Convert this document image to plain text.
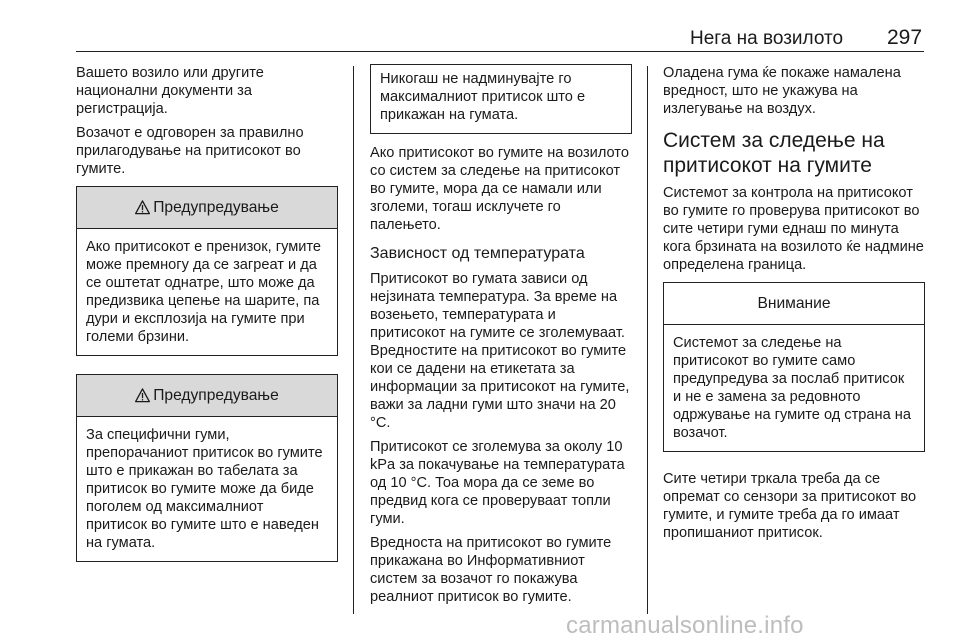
Нега на возилото 297

Вашето возило или другите национални документи за регистрација.

Возачот е одговорен за правилно прилагодување на притисокот во гумите.

Предупредување

Ако притисокот е пренизок, гумите може премногу да се загреат и да се оштетат однатре, што може да предизвика цепење на шарите, па дури и експлозија на гумите при големи брзини.

Предупредување

За специфични гуми, препорачаниот притисок во гумите што е прикажан во табелата за притисок во гумите може да биде поголем од максималниот притисок во гумите што е наведен на гумата.

Никогаш не надминувајте го максималниот притисок што е прикажан на гумата.

Ако притисокот во гумите на возилото со систем за следење на притисокот во гумите, мора да се намали или зголеми, тогаш исклучете го палењето.

Зависност од температурата

Притисокот во гумата зависи од нејзината температура. За време на возењето, температурата и притисокот на гумите се зголемуваат. Вредностите на притисокот во гумите кои се дадени на етикетата за информации за притисокот на гумите, важи за ладни гуми што значи на 20 °C.

Притисокот се зголемува за околу 10 kPa за покачување на температурата од 10 °C. Тоа мора да се земе во предвид кога се проверуваат топли гуми.

Вредноста на притисокот во гумите прикажана во Информативниот систем за возачот го покажува реалниот притисок во гумите.

Оладена гума ќе покаже намалена вредност, што не укажува на излегување на воздух.

Систем за следење на притисокот на гумите

Системот за контрола на притисокот во гумите го проверува притисокот во сите четири гуми еднаш по минута кога брзината на возилото ќе надмине определена граница.

Внимание

Системот за следење на притисокот во гумите само предупредува за послаб притисок и не е замена за редовното одржување на гумите од страна на возачот.

Сите четири тркала треба да се опремат со сензори за притисокот во гумите, и гумите треба да го имаат пропишаниот притисок.

carmanualsonline.info
